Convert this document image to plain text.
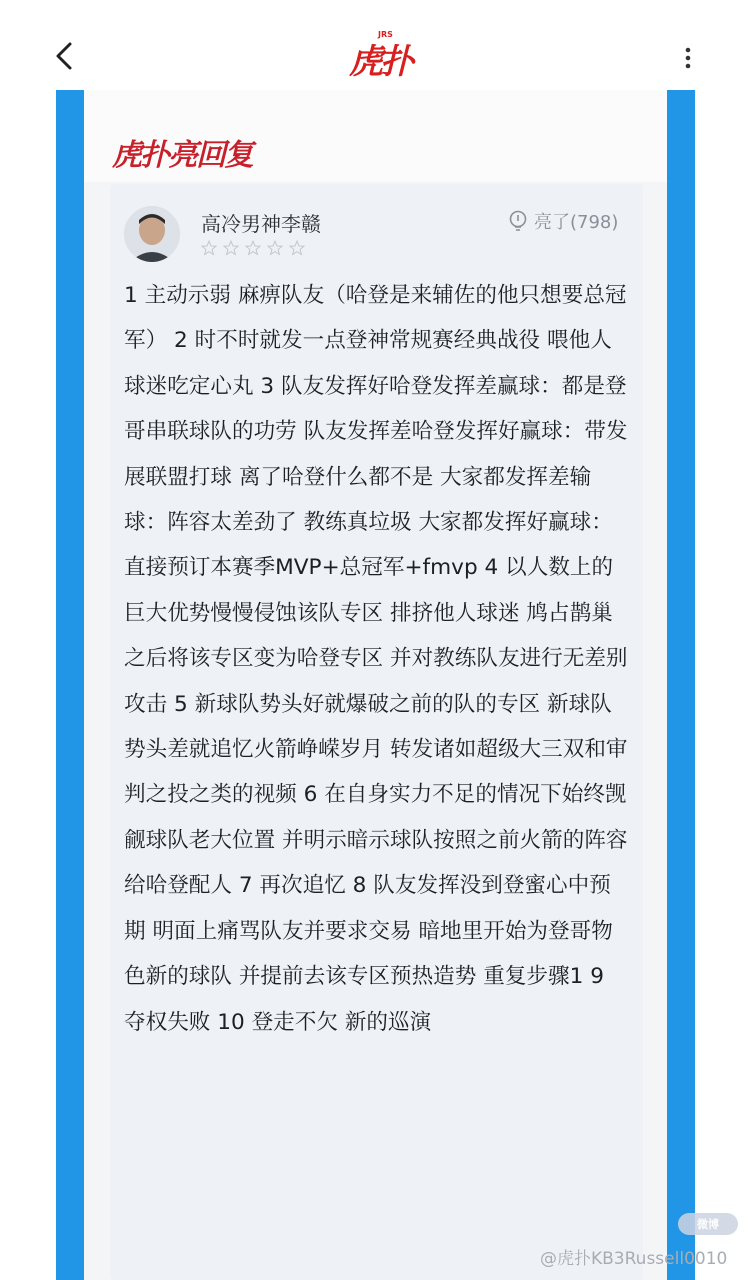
虎扑
JRS
虎扑亮回复
高冷男神李赣	亮了(798)

1 主动示弱 麻痹队友（哈登是来辅佐的他只想要总冠军） 2 时不时就发一点登神常规赛经典战役 喂他人球迷吃定心丸 3 队友发挥好哈登发挥差赢球：都是登哥串联球队的功劳 队友发挥差哈登发挥好赢球：带发展联盟打球 离了哈登什么都不是 大家都发挥差输球：阵容太差劲了 教练真垃圾 大家都发挥好赢球：直接预订本赛季MVP+总冠军+fmvp 4 以人数上的巨大优势慢慢侵蚀该队专区 排挤他人球迷 鸠占鹊巢之后将该专区变为哈登专区 并对教练队友进行无差别攻击 5 新球队势头好就爆破之前的队的专区 新球队势头差就追忆火箭峥嵘岁月 转发诸如超级大三双和审判之投之类的视频 6 在自身实力不足的情况下始终觊觎球队老大位置 并明示暗示球队按照之前火箭的阵容给哈登配人 7 再次追忆 8 队友发挥没到登蜜心中预期 明面上痛骂队友并要求交易 暗地里开始为登哥物色新的球队 并提前去该专区预热造势 重复步骤1 9 夺权失败 10 登走不欠 新的巡演

微博
@虎扑KB3Russell0010
